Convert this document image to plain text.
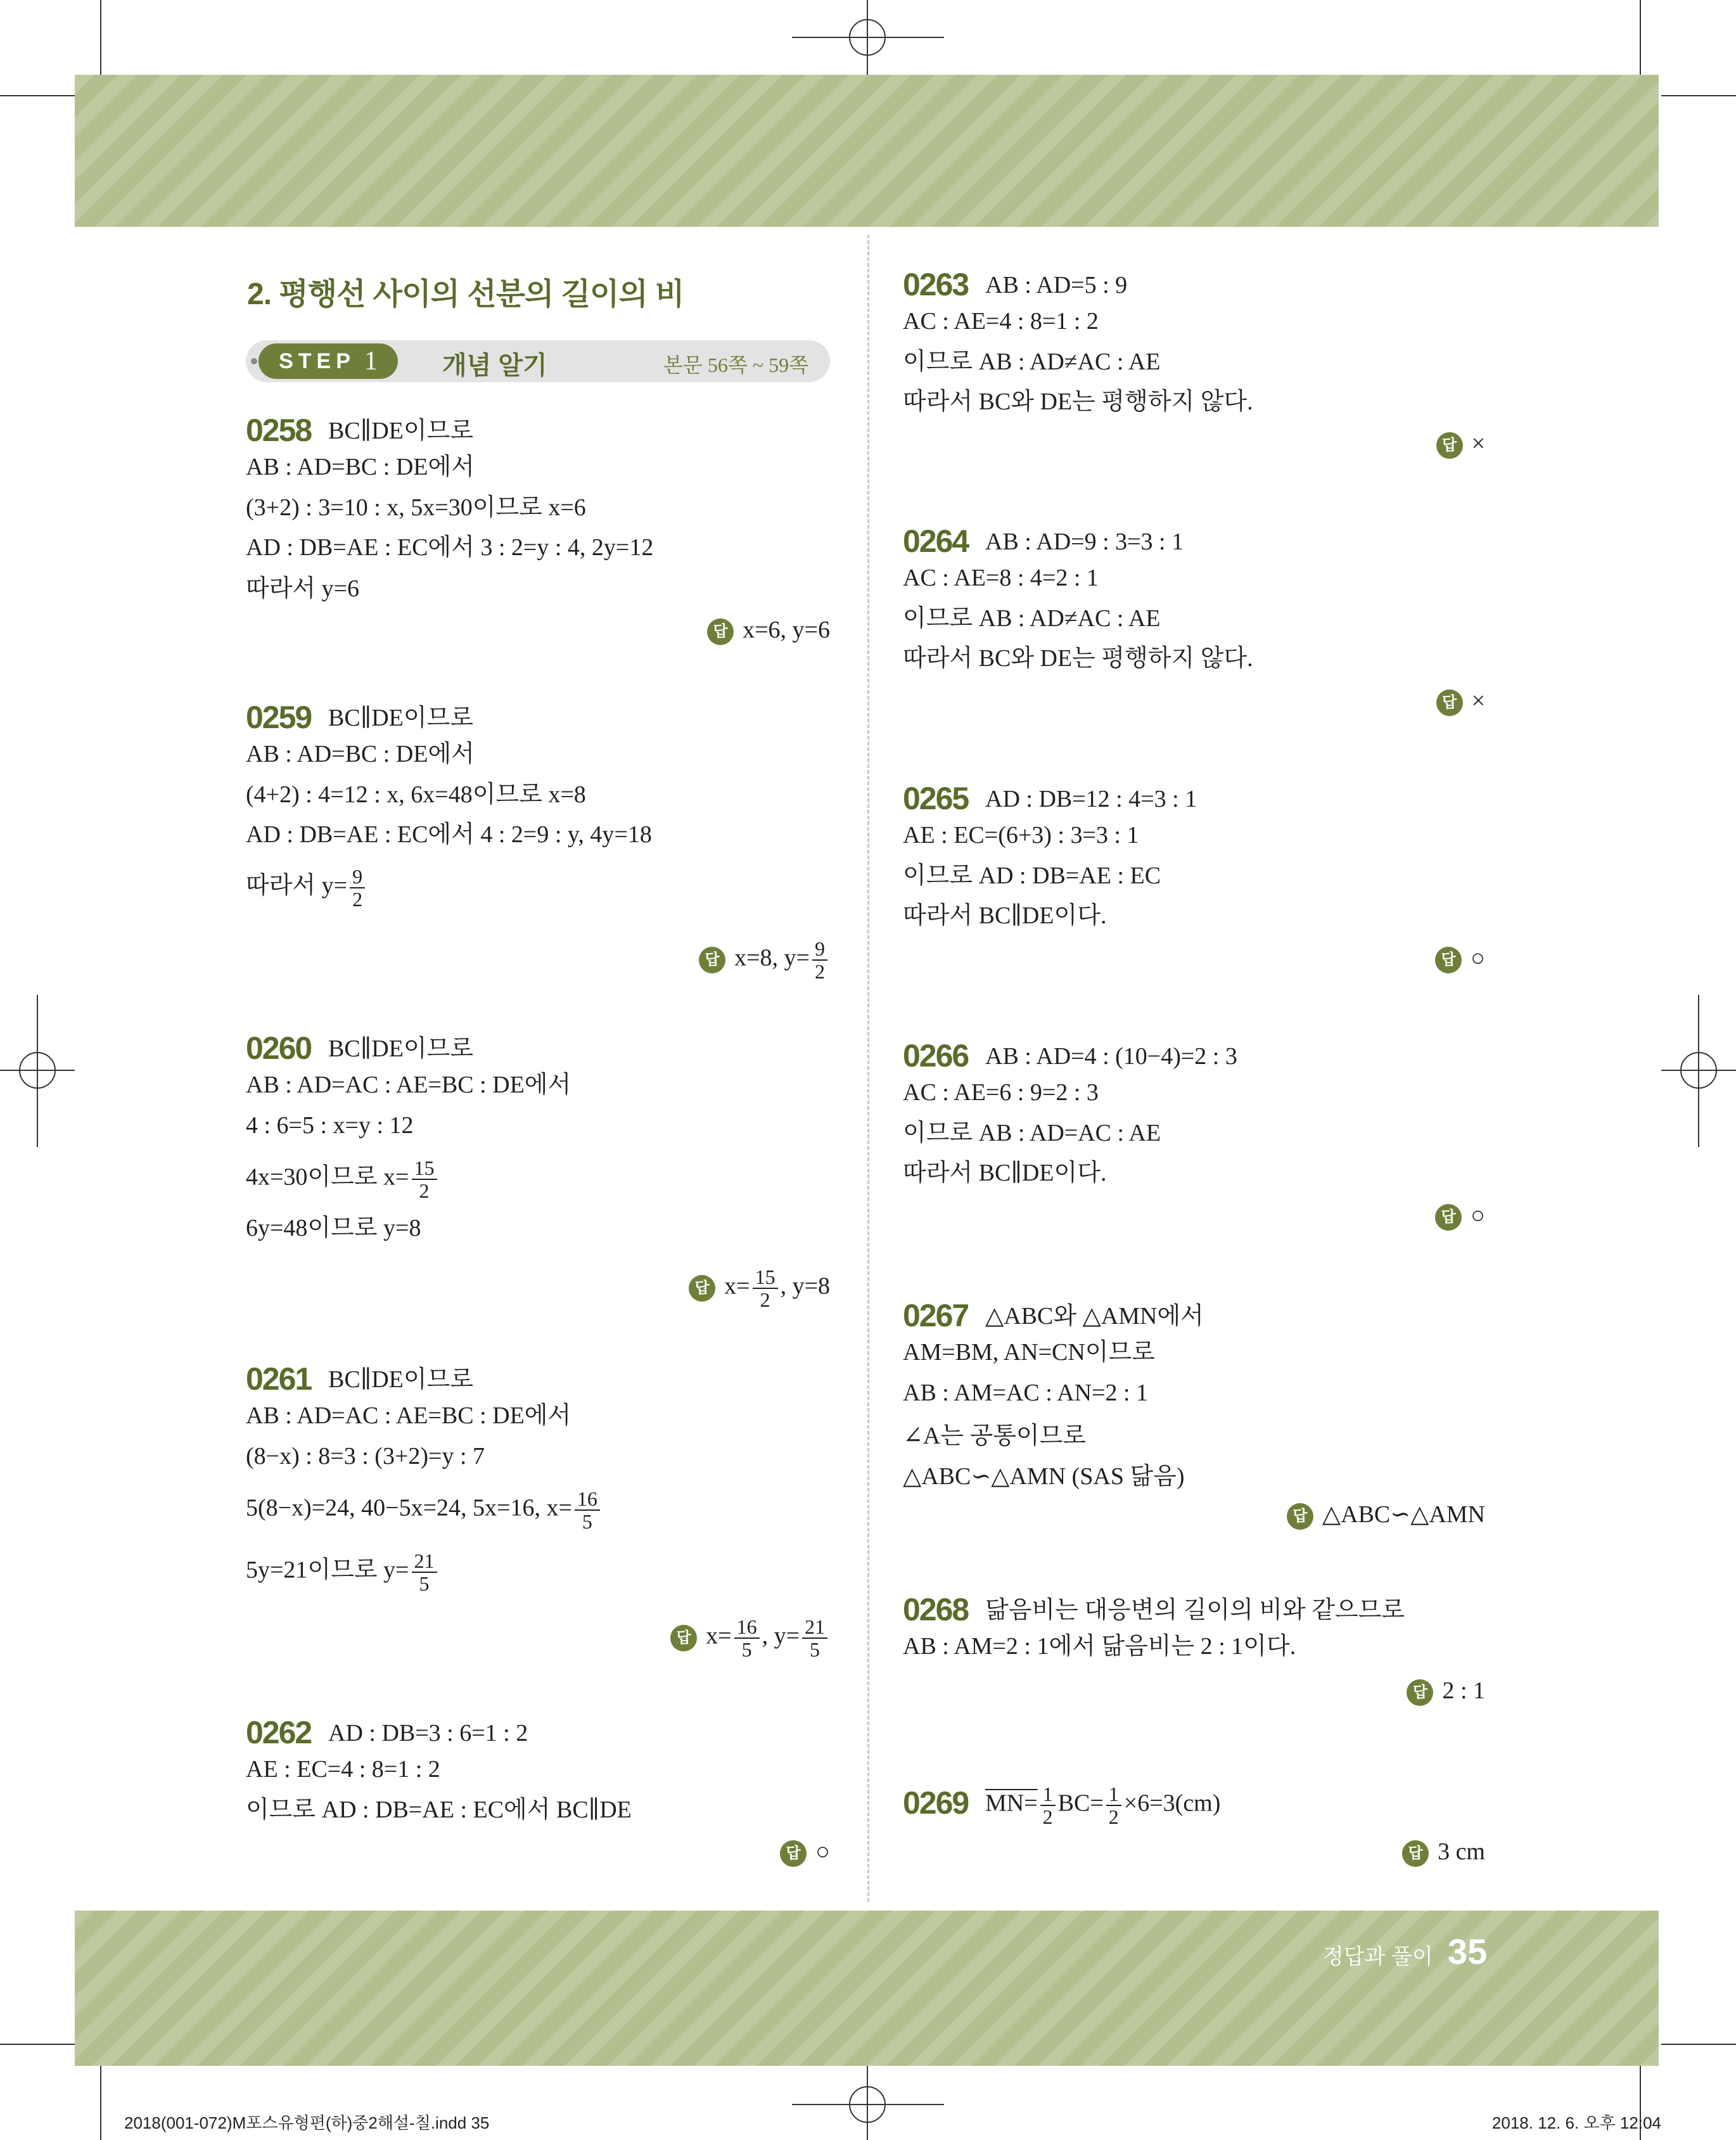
2. 평행선 사이의 선분의 길이의 비
STEP 1	개념 알기	본문 56쪽 ~ 59쪽
0258 BC∥DE이므로
AB : AD=BC : DE에서
(3+2) : 3=10 : x, 5x=30이므로 x=6
AD : DB=AE : EC에서 3 : 2=y : 4, 2y=12
따라서 y=6
답 x=6, y=6
0259 BC∥DE이므로
AB : AD=BC : DE에서
(4+2) : 4=12 : x, 6x=48이므로 x=8
AD : DB=AE : EC에서 4 : 2=9 : y, 4y=18
따라서 $y= \frac{9}{2}$
답 x=8, $y= \frac{9}{2}$
0260 BC∥DE이므로
AB : AD=AC : AE=BC : DE에서
4 : 6=5 : x=y : 12
4x=30이므로 $x= \frac{15}{2}$
6y=48이므로 y=8
답 $x= \frac{15}{2}$ , y=8
0261 BC∥DE이므로
AB : AD=AC : AE=BC : DE에서
(8−x) : 8=3 : (3+2)=y : 7
5(8−x)=24, 40−5x=24, 5x=16, $x= \frac{16}{5}$
5y=21이므로 $y= \frac{21}{5}$
답 $x= \frac{16}{5}$ , $y= \frac{21}{5}$
0262 AD : DB=3 : 6=1 : 2
AE : EC=4 : 8=1 : 2
이므로 AD : DB=AE : EC에서 BC∥DE
답 ○
0263 AB : AD=5 : 9
AC : AE=4 : 8=1 : 2
이므로 AB : AD≠AC : AE
따라서 BC와 DE는 평행하지 않다.
답 ×
0264 AB : AD=9 : 3=3 : 1
AC : AE=8 : 4=2 : 1
이므로 AB : AD≠AC : AE
따라서 BC와 DE는 평행하지 않다.
답 ×
0265 AD : DB=12 : 4=3 : 1
AE : EC=(6+3) : 3=3 : 1
이므로 AD : DB=AE : EC
따라서 BC∥DE이다.
답 ○
0266 AB : AD=4 : (10−4)=2 : 3
AC : AE=6 : 9=2 : 3
이므로 AB : AD=AC : AE
따라서 BC∥DE이다.
답 ○
0267 △ABC와 △AMN에서
AM=BM, AN=CN이므로
AB : AM=AC : AN=2 : 1
∠A는 공통이므로
△ABC∽△AMN (SAS 닮음)
답 △ABC∽△AMN
0268 닮음비는 대응변의 길이의 비와 같으므로
AB : AM=2 : 1에서 닮음비는 2 : 1이다.
답 2 : 1
0269 $MN= \frac{1}{2} BC= \frac{1}{2} \times 6=3(cm)$
답 3 cm
정답과 풀이 35
2018(001-072)M포스유형편(하)중2해설-칠.indd 35	2018. 12. 6. 오후 12:04
